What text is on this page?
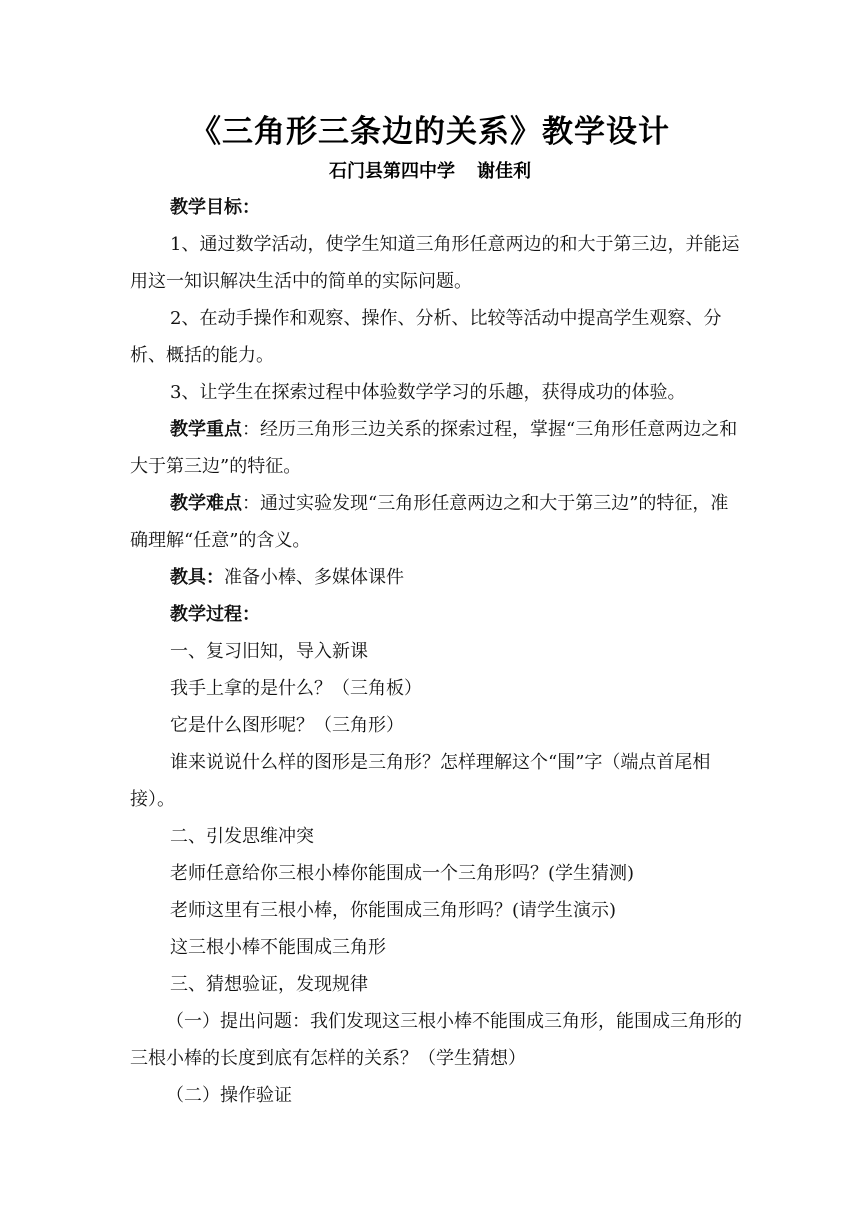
《三角形三条边的关系》教学设计
石门县第四中学 谢佳利

教学目标：

1、通过数学活动，使学生知道三角形任意两边的和大于第三边，并能运用这一知识解决生活中的简单的实际问题。

2、在动手操作和观察、操作、分析、比较等活动中提高学生观察、分析、概括的能力。

3、让学生在探索过程中体验数学学习的乐趣，获得成功的体验。

教学重点：经历三角形三边关系的探索过程，掌握“三角形任意两边之和大于第三边”的特征。

教学难点：通过实验发现“三角形任意两边之和大于第三边”的特征，准确理解“任意”的含义。

教具：准备小棒、多媒体课件

教学过程：

一、复习旧知，导入新课

我手上拿的是什么？（三角板）

它是什么图形呢？（三角形）

谁来说说什么样的图形是三角形？怎样理解这个“围”字（端点首尾相接）。

二、引发思维冲突

老师任意给你三根小棒你能围成一个三角形吗？(学生猜测)

老师这里有三根小棒，你能围成三角形吗？(请学生演示)

这三根小棒不能围成三角形

三、猜想验证，发现规律

（一）提出问题：我们发现这三根小棒不能围成三角形，能围成三角形的三根小棒的长度到底有怎样的关系？（学生猜想）

（二）操作验证
